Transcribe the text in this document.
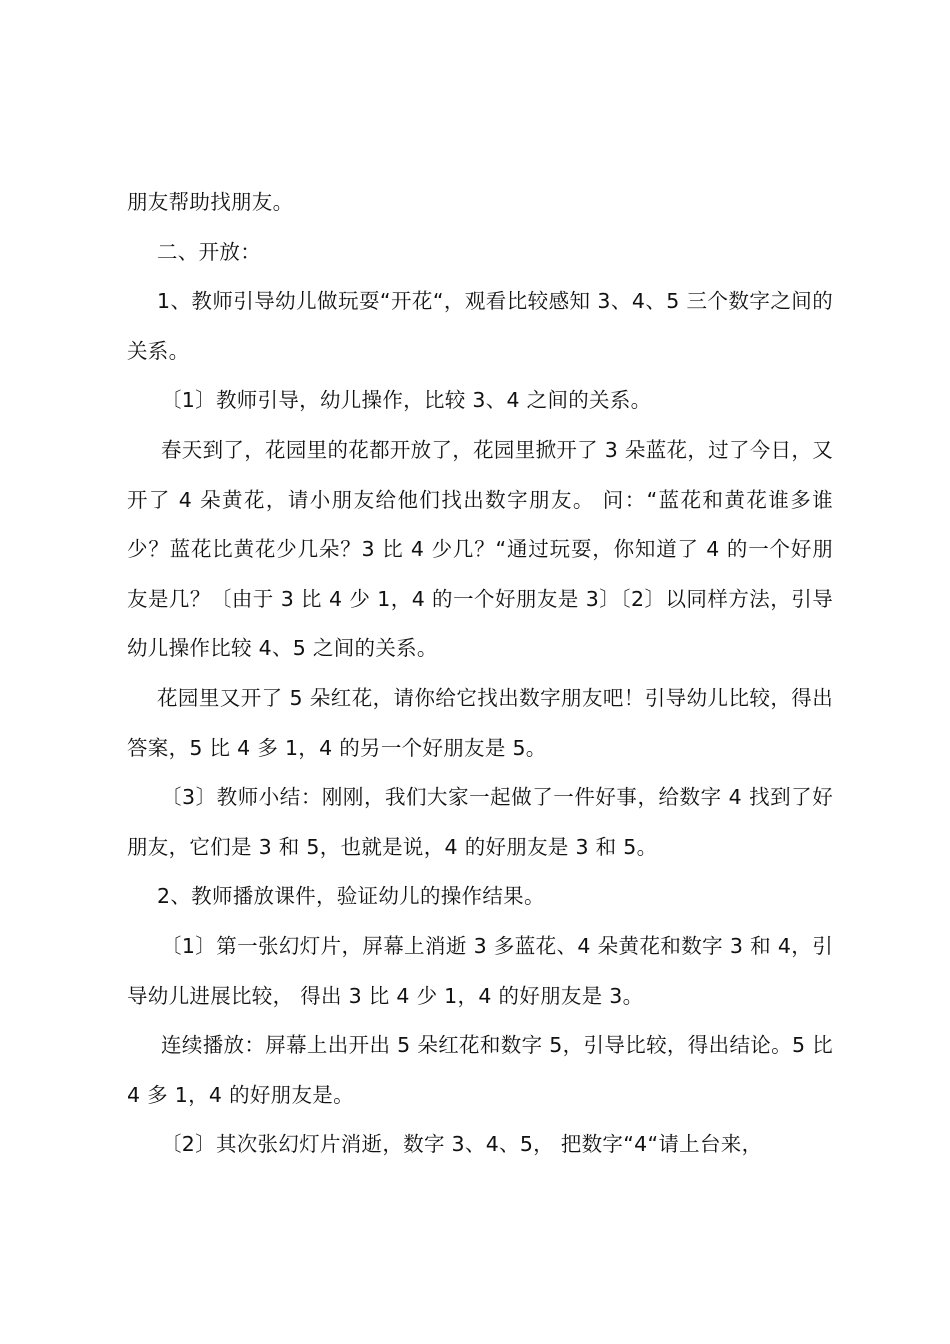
朋友帮助找朋友。

二、开放：

1、教师引导幼儿做玩耍“开花“，观看比较感知 3、4、5 三个数字之间的关系。

〔1〕教师引导，幼儿操作，比较 3、4 之间的关系。

春天到了，花园里的花都开放了，花园里掀开了 3 朵蓝花，过了今日，又开了 4 朵黄花，请小朋友给他们找出数字朋友。 问：“蓝花和黄花谁多谁少？蓝花比黄花少几朵？3 比 4 少几？“通过玩耍，你知道了 4 的一个好朋友是几？〔由于 3 比 4 少 1，4 的一个好朋友是 3〕〔2〕以同样方法，引导幼儿操作比较 4、5 之间的关系。

花园里又开了 5 朵红花，请你给它找出数字朋友吧！引导幼儿比较，得出答案，5 比 4 多 1，4 的另一个好朋友是 5。

〔3〕教师小结：刚刚，我们大家一起做了一件好事，给数字 4 找到了好朋友，它们是 3 和 5，也就是说，4 的好朋友是 3 和 5。

2、教师播放课件，验证幼儿的操作结果。

〔1〕第一张幻灯片，屏幕上消逝 3 多蓝花、4 朵黄花和数字 3 和 4，引导幼儿进展比较， 得出 3 比 4 少 1，4 的好朋友是 3。

连续播放：屏幕上出开出 5 朵红花和数字 5，引导比较，得出结论。5 比 4 多 1，4 的好朋友是。

〔2〕其次张幻灯片消逝，数字 3、4、5， 把数字“4“请上台来，
